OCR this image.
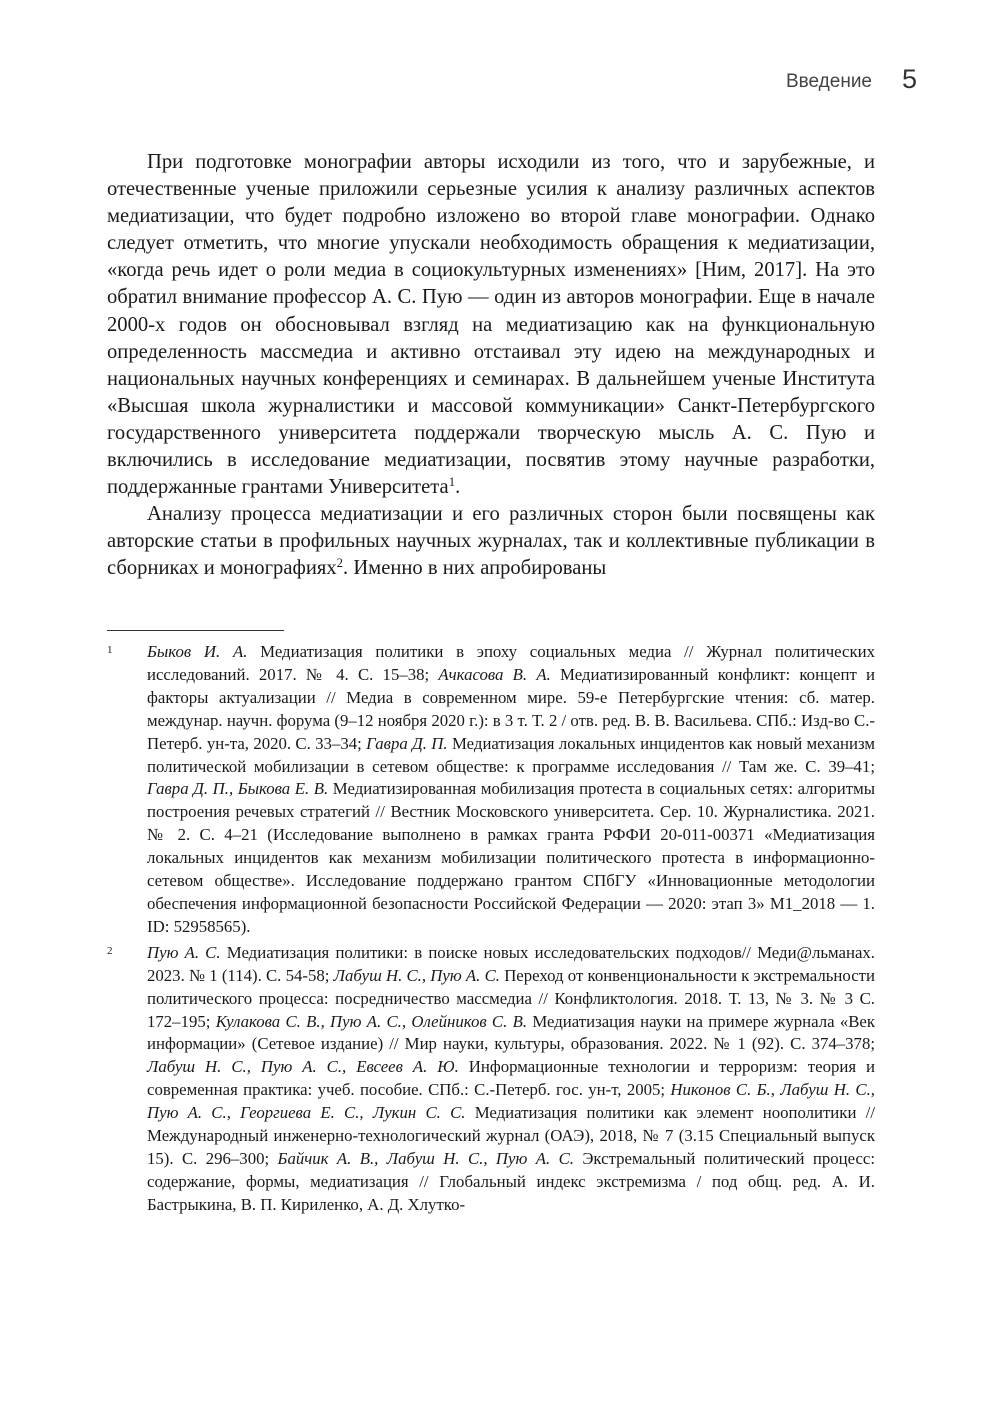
Введение 5

При подготовке монографии авторы исходили из того, что и зарубежные, и отечественные ученые приложили серьезные усилия к анализу различных аспектов медиатизации, что будет подробно изложено во второй главе монографии. Однако следует отметить, что многие упускали необходимость обращения к медиатизации, «когда речь идет о роли медиа в социокультурных изменениях» [Ним, 2017]. На это обратил внимание профессор А. С. Пую — один из авторов монографии. Еще в начале 2000-х годов он обосновывал взгляд на медиатизацию как на функциональную определенность массмедиа и активно отстаивал эту идею на международных и национальных научных конференциях и семинарах. В дальнейшем ученые Института «Высшая школа журналистики и массовой коммуникации» Санкт-Петербургского государственного университета поддержали творческую мысль А. С. Пую и включились в исследование медиатизации, посвятив этому научные разработки, поддержанные грантами Университета$^1$.

Анализу процесса медиатизации и его различных сторон были посвящены как авторские статьи в профильных научных журналах, так и коллективные публикации в сборниках и монографиях$^2$. Именно в них апробированы

1 Быков И. А. Медиатизация политики в эпоху социальных медиа // Журнал политических исследований. 2017. № 4. С. 15–38; Ачкасова В. А. Медиатизированный конфликт: концепт и факторы актуализации // Медиа в современном мире. 59-е Петербургские чтения: сб. матер. междунар. научн. форума (9–12 ноября 2020 г.): в 3 т. Т. 2 / отв. ред. В. В. Васильева. СПб.: Изд-во С.-Петерб. ун-та, 2020. С. 33–34; Гавра Д. П. Медиатизация локальных инцидентов как новый механизм политической мобилизации в сетевом обществе: к программе исследования // Там же. С. 39–41; Гавра Д. П., Быкова Е. В. Медиатизированная мобилизация протеста в социальных сетях: алгоритмы построения речевых стратегий // Вестник Московского университета. Сер. 10. Журналистика. 2021. № 2. С. 4–21 (Исследование выполнено в рамках гранта РФФИ 20-011-00371 «Медиатизация локальных инцидентов как механизм мобилизации политического протеста в информационно-сетевом обществе». Исследование поддержано грантом СПбГУ «Инновационные методологии обеспечения информационной безопасности Российской Федерации — 2020: этап 3» M1_2018 — 1. ID: 52958565).
2 Пую А. С. Медиатизация политики: в поиске новых исследовательских подходов// Меди@льманах. 2023. № 1 (114). С. 54-58; Лабуш Н. С., Пую А. С. Переход от конвенциональности к экстремальности политического процесса: посредничество массмедиа // Конфликтология. 2018. Т. 13, № 3. № 3 С. 172–195; Кулакова С. В., Пую А. С., Олейников С. В. Медиатизация науки на примере журнала «Век информации» (Сетевое издание) // Мир науки, культуры, образования. 2022. № 1 (92). С. 374–378; Лабуш Н. С., Пую А. С., Евсеев А. Ю. Информационные технологии и терроризм: теория и современная практика: учеб. пособие. СПб.: С.-Петерб. гос. ун-т, 2005; Никонов С. Б., Лабуш Н. С., Пую А. С., Георгиева Е. С., Лукин С. С. Медиатизация политики как элемент ноополитики // Международный инженерно-технологический журнал (ОАЭ), 2018, № 7 (3.15 Специальный выпуск 15). С. 296–300; Байчик А. В., Лабуш Н. С., Пую А. С. Экстремальный политический процесс: содержание, формы, медиатизация // Глобальный индекс экстремизма / под общ. ред. А. И. Бастрыкина, В. П. Кириленко, А. Д. Хлутко-
